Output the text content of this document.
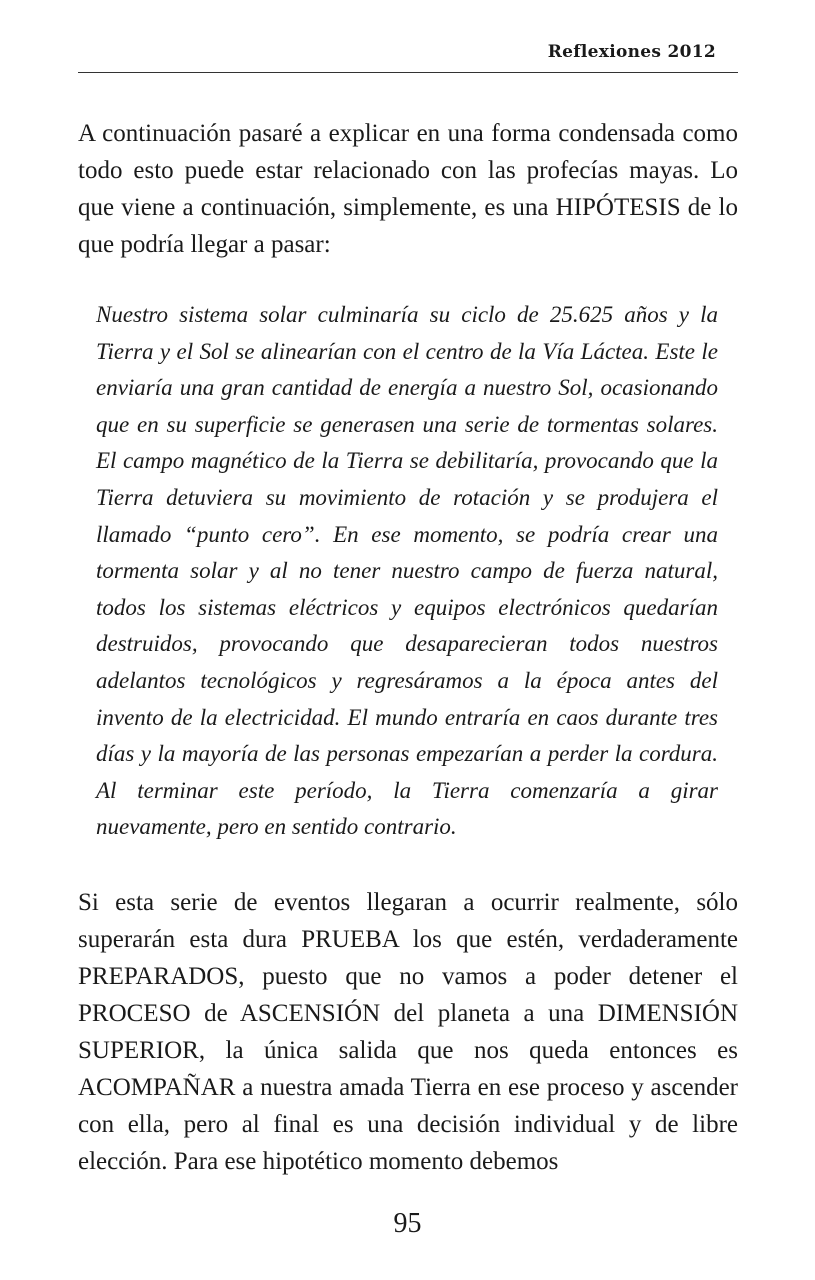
Reflexiones 2012

A continuación pasaré a explicar en una forma condensada como todo esto puede estar relacionado con las profecías mayas. Lo que viene a continuación, simplemente, es una HIPÓTESIS de lo que podría llegar a pasar:

Nuestro sistema solar culminaría su ciclo de 25.625 años y la Tierra y el Sol se alinearían con el centro de la Vía Láctea. Este le enviaría una gran cantidad de energía a nuestro Sol, ocasionando que en su superficie se generasen una serie de tormentas solares. El campo magnético de la Tierra se debilitaría, provocando que la Tierra detuviera su movimiento de rotación y se produjera el llamado “punto cero”. En ese momento, se podría crear una tormenta solar y al no tener nuestro campo de fuerza natural, todos los sistemas eléctricos y equipos electrónicos quedarían destruidos, provocando que desaparecieran todos nuestros adelantos tecnológicos y regresáramos a la época antes del invento de la electricidad. El mundo entraría en caos durante tres días y la mayoría de las personas empezarían a perder la cordura. Al terminar este período, la Tierra comenzaría a girar nuevamente, pero en sentido contrario.

Si esta serie de eventos llegaran a ocurrir realmente, sólo superarán esta dura PRUEBA los que estén, verdaderamente PREPARADOS, puesto que no vamos a poder detener el PROCESO de ASCENSIÓN del planeta a una DIMENSIÓN SUPERIOR, la única salida que nos queda entonces es ACOMPAÑAR a nuestra amada Tierra en ese proceso y ascender con ella, pero al final es una decisión individual y de libre elección. Para ese hipotético momento debemos

95
